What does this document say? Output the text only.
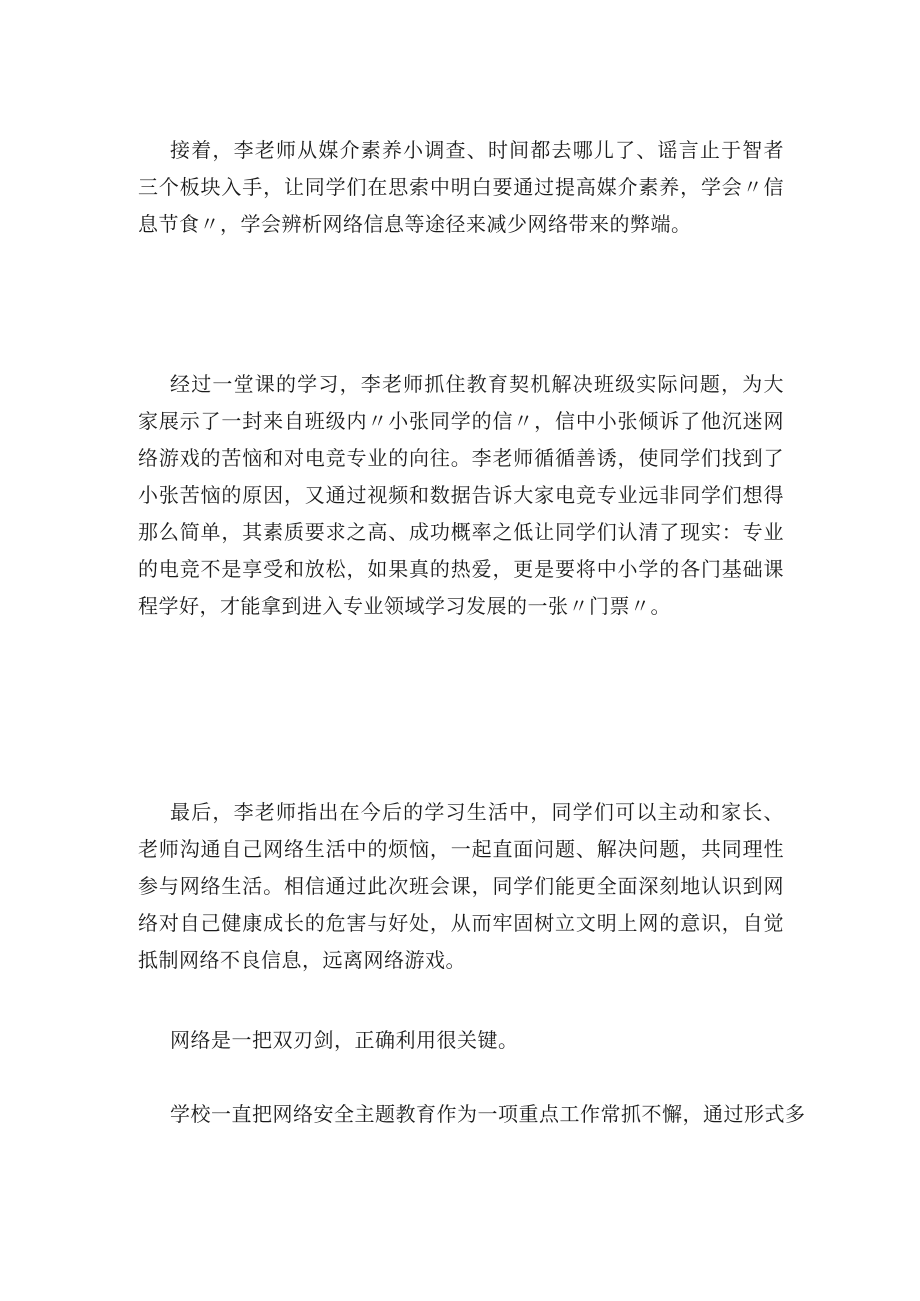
接着，李老师从媒介素养小调查、时间都去哪儿了、谣言止于智者三个板块入手，让同学们在思索中明白要通过提高媒介素养，学会〃信息节食〃，学会辨析网络信息等途径来减少网络带来的弊端。

经过一堂课的学习，李老师抓住教育契机解决班级实际问题，为大家展示了一封来自班级内〃小张同学的信〃，信中小张倾诉了他沉迷网络游戏的苦恼和对电竞专业的向往。李老师循循善诱，使同学们找到了小张苦恼的原因，又通过视频和数据告诉大家电竞专业远非同学们想得那么简单，其素质要求之高、成功概率之低让同学们认清了现实：专业的电竞不是享受和放松，如果真的热爱，更是要将中小学的各门基础课程学好，才能拿到进入专业领域学习发展的一张〃门票〃。

最后，李老师指出在今后的学习生活中，同学们可以主动和家长、老师沟通自己网络生活中的烦恼，一起直面问题、解决问题，共同理性参与网络生活。相信通过此次班会课，同学们能更全面深刻地认识到网络对自己健康成长的危害与好处，从而牢固树立文明上网的意识，自觉抵制网络不良信息，远离网络游戏。

网络是一把双刃剑，正确利用很关键。

学校一直把网络安全主题教育作为一项重点工作常抓不懈，通过形式多
